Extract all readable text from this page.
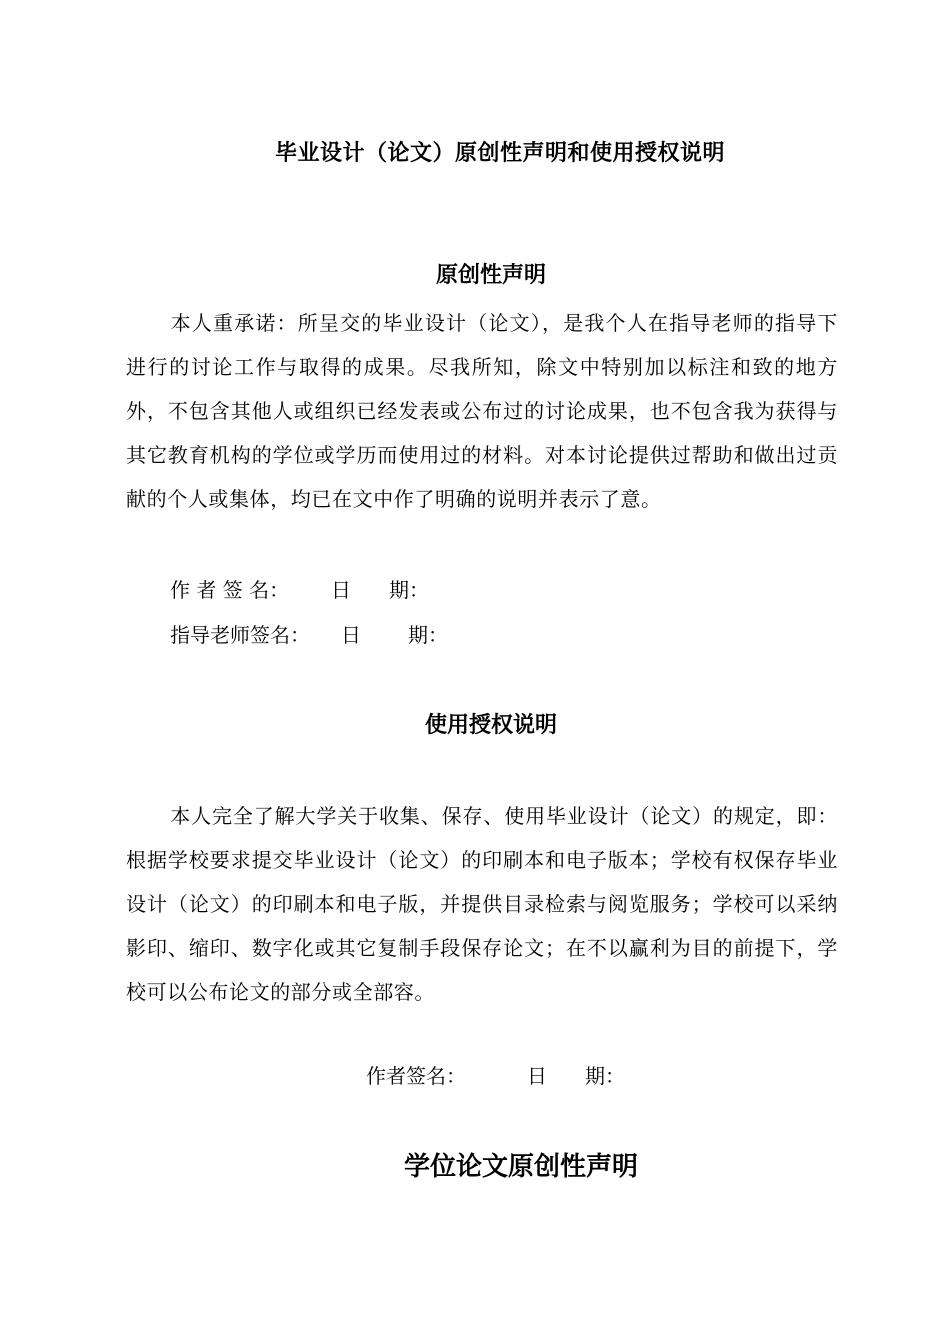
毕业设计（论文）原创性声明和使用授权说明
原创性声明
本人重承诺：所呈交的毕业设计（论文），是我个人在指导老师的指导下进行的讨论工作与取得的成果。尽我所知，除文中特别加以标注和致的地方外，不包含其他人或组织已经发表或公布过的讨论成果，也不包含我为获得与其它教育机构的学位或学历而使用过的材料。对本讨论提供过帮助和做出过贡献的个人或集体，均已在文中作了明确的说明并表示了意。
作 者 签 名： 日 期：
指导老师签名： 日 期：
使用授权说明
本人完全了解大学关于收集、保存、使用毕业设计（论文）的规定，即：根据学校要求提交毕业设计（论文）的印刷本和电子版本；学校有权保存毕业设计（论文）的印刷本和电子版，并提供目录检索与阅览服务；学校可以采纳影印、缩印、数字化或其它复制手段保存论文；在不以赢利为目的前提下，学校可以公布论文的部分或全部容。
作者签名：	日 期：
学位论文原创性声明
